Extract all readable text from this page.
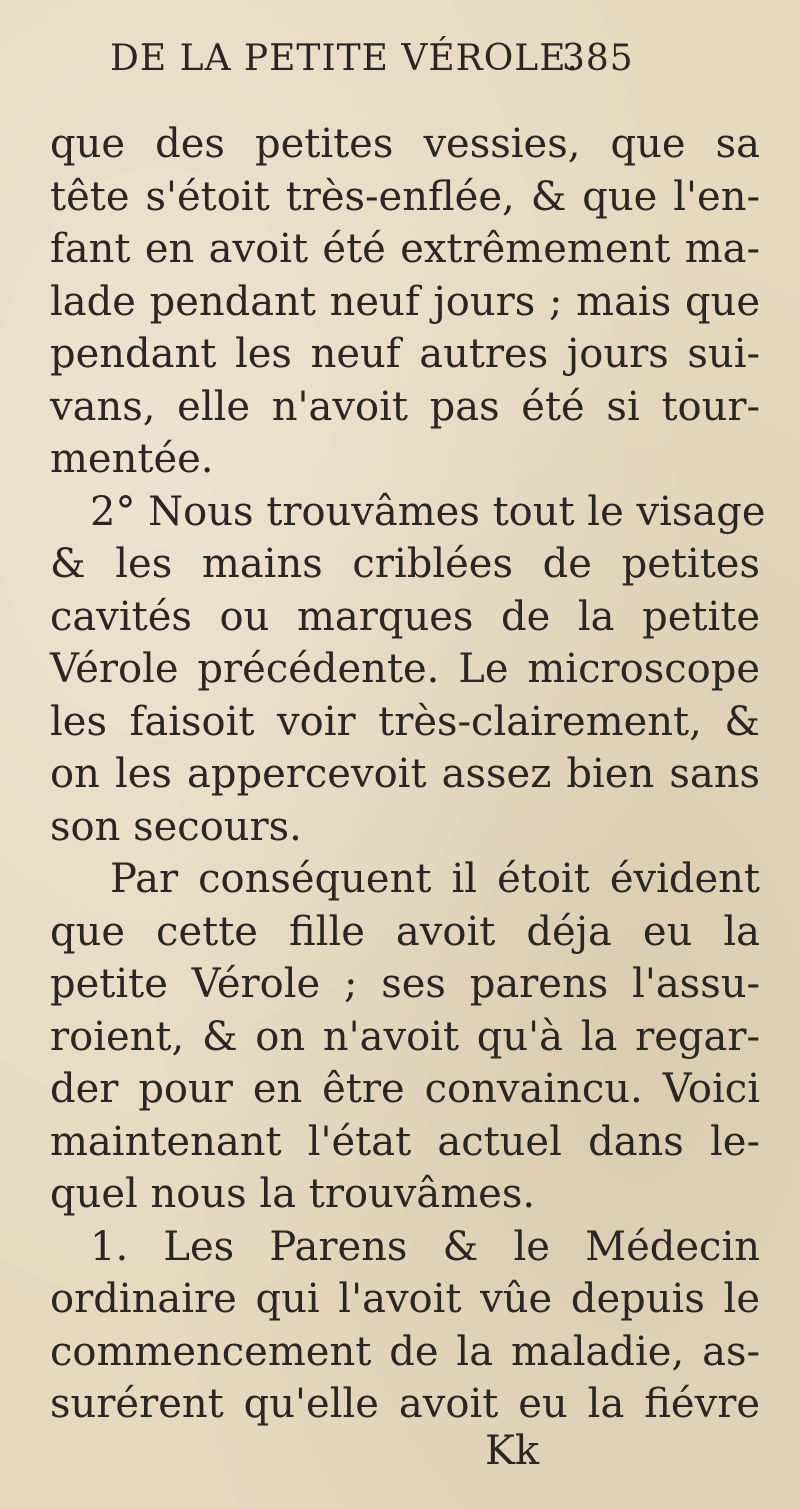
DE LA PETITE VÉROLE.
385
que des petites vessies, que sa
tête s'étoit très-enflée, & que l'en-
fant en avoit été extrêmement ma-
lade pendant neuf jours ; mais que
pendant les neuf autres jours sui-
vans, elle n'avoit pas été si tour-
mentée.
2° Nous trouvâmes tout le visage
& les mains criblées de petites
cavités ou marques de la petite
Vérole précédente. Le microscope
les faisoit voir très-clairement, &
on les appercevoit assez bien sans
son secours.
Par conséquent il étoit évident
que cette fille avoit déja eu la
petite Vérole ; ses parens l'assu-
roient, & on n'avoit qu'à la regar-
der pour en être convaincu. Voici
maintenant l'état actuel dans le-
quel nous la trouvâmes.
1. Les Parens & le Médecin
ordinaire qui l'avoit vûe depuis le
commencement de la maladie, as-
surérent qu'elle avoit eu la fiévre
Kk
